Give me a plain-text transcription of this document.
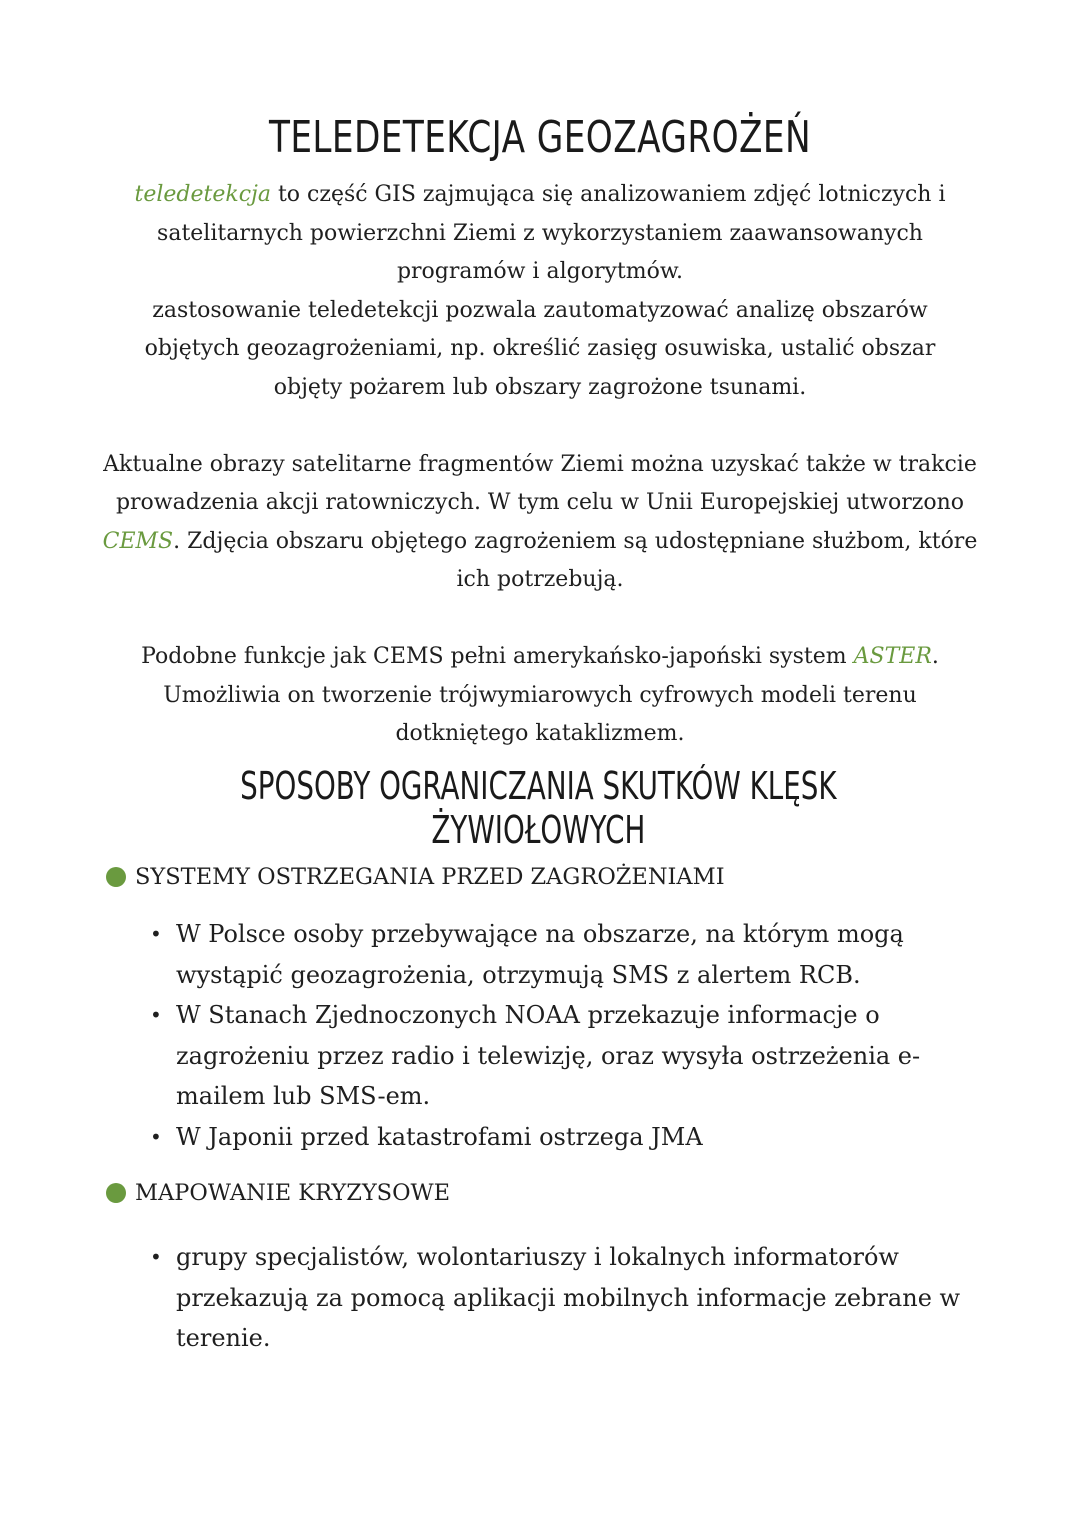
TELEDETEKCJA GEOZAGROŻEŃ

teledetekcja to część GIS zajmująca się analizowaniem zdjęć lotniczych i satelitarnych powierzchni Ziemi z wykorzystaniem zaawansowanych programów i algorytmów.

zastosowanie teledetekcji pozwala zautomatyzować analizę obszarów objętych geozagrożeniami, np. określić zasięg osuwiska, ustalić obszar objęty pożarem lub obszary zagrożone tsunami.

Aktualne obrazy satelitarne fragmentów Ziemi można uzyskać także w trakcie prowadzenia akcji ratowniczych. W tym celu w Unii Europejskiej utworzono CEMS. Zdjęcia obszaru objętego zagrożeniem są udostępniane służbom, które ich potrzebują.

Podobne funkcje jak CEMS pełni amerykańsko-japoński system ASTER. Umożliwia on tworzenie trójwymiarowych cyfrowych modeli terenu dotkniętego kataklizmem.

SPOSOBY OGRANICZANIA SKUTKÓW KLĘSK ŻYWIOŁOWYCH
SYSTEMY OSTRZEGANIA PRZED ZAGROŻENIAMI
• W Polsce osoby przebywające na obszarze, na którym mogą wystąpić geozagrożenia, otrzymują SMS z alertem RCB.
• W Stanach Zjednoczonych NOAA przekazuje informacje o zagrożeniu przez radio i telewizję, oraz wysyła ostrzeżenia e-mailem lub SMS-em.
• W Japonii przed katastrofami ostrzega JMA
MAPOWANIE KRYZYSOWE
• grupy specjalistów, wolontariuszy i lokalnych informatorów przekazują za pomocą aplikacji mobilnych informacje zebrane w terenie.
